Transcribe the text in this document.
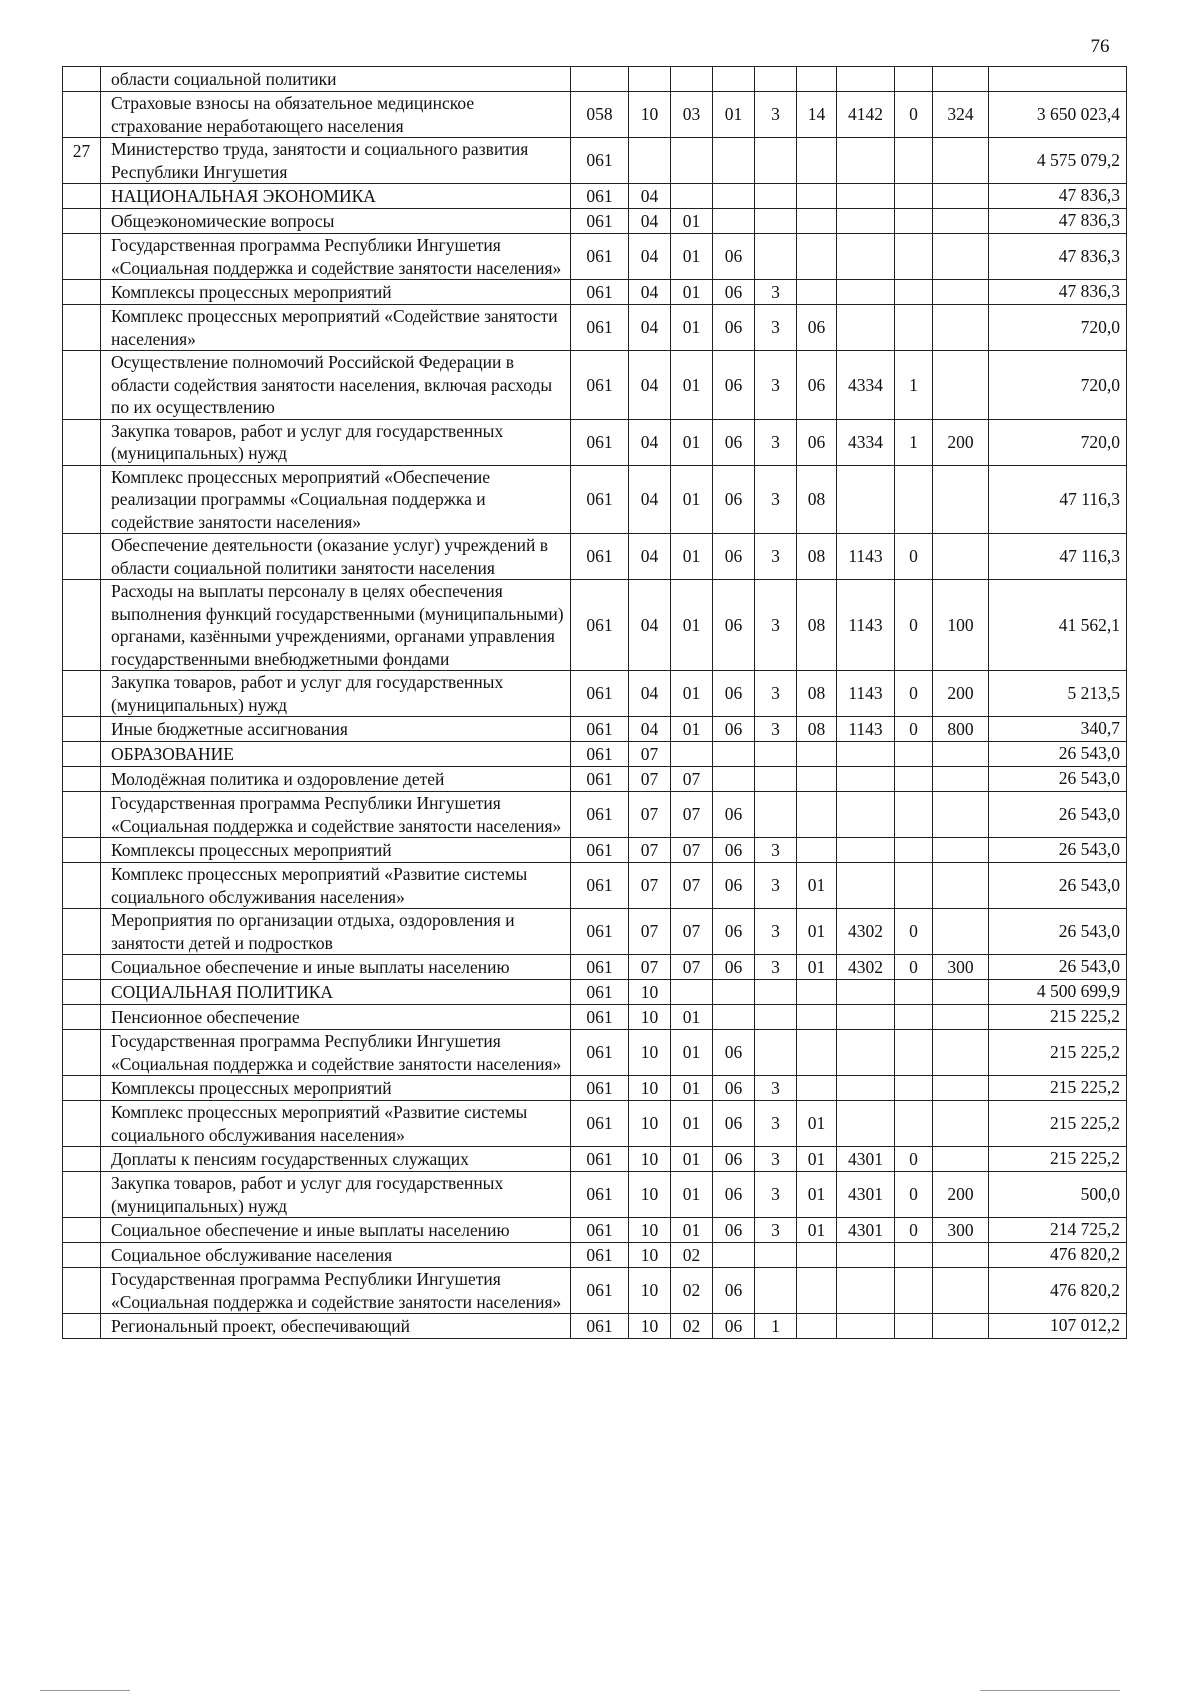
76
	области социальной политики										
	Страховые взносы на обязательное медицинское страхование неработающего населения	058	10	03	01	3	14	4142	0	324	3 650 023,4
27	Министерство труда, занятости и социального развития Республики Ингушетия	061									4 575 079,2
	НАЦИОНАЛЬНАЯ ЭКОНОМИКА	061	04								47 836,3
	Общеэкономические вопросы	061	04	01							47 836,3
	Государственная программа Республики Ингушетия «Социальная поддержка и содействие занятости населения»	061	04	01	06						47 836,3
	Комплексы процессных мероприятий	061	04	01	06	3					47 836,3
	Комплекс процессных мероприятий «Содействие занятости населения»	061	04	01	06	3	06				720,0
	Осуществление полномочий Российской Федерации в области содействия занятости населения, включая расходы по их осуществлению	061	04	01	06	3	06	4334	1		720,0
	Закупка товаров, работ и услуг для государственных (муниципальных) нужд	061	04	01	06	3	06	4334	1	200	720,0
	Комплекс процессных мероприятий «Обеспечение реализации программы «Социальная поддержка и содействие занятости населения»	061	04	01	06	3	08				47 116,3
	Обеспечение деятельности (оказание услуг) учреждений в области социальной политики занятости населения	061	04	01	06	3	08	1143	0		47 116,3
	Расходы на выплаты персоналу в целях обеспечения выполнения функций государственными (муниципальными) органами, казёнными учреждениями, органами управления государственными внебюджетными фондами	061	04	01	06	3	08	1143	0	100	41 562,1
	Закупка товаров, работ и услуг для государственных (муниципальных) нужд	061	04	01	06	3	08	1143	0	200	5 213,5
	Иные бюджетные ассигнования	061	04	01	06	3	08	1143	0	800	340,7
	ОБРАЗОВАНИЕ	061	07								26 543,0
	Молодёжная политика и оздоровление детей	061	07	07							26 543,0
	Государственная программа Республики Ингушетия «Социальная поддержка и содействие занятости населения»	061	07	07	06						26 543,0
	Комплексы процессных мероприятий	061	07	07	06	3					26 543,0
	Комплекс процессных мероприятий «Развитие системы социального обслуживания населения»	061	07	07	06	3	01				26 543,0
	Мероприятия по организации отдыха, оздоровления и занятости детей и подростков	061	07	07	06	3	01	4302	0		26 543,0
	Социальное обеспечение и иные выплаты населению	061	07	07	06	3	01	4302	0	300	26 543,0
	СОЦИАЛЬНАЯ ПОЛИТИКА	061	10								4 500 699,9
	Пенсионное обеспечение	061	10	01							215 225,2
	Государственная программа Республики Ингушетия «Социальная поддержка и содействие занятости населения»	061	10	01	06						215 225,2
	Комплексы процессных мероприятий	061	10	01	06	3					215 225,2
	Комплекс процессных мероприятий «Развитие системы социального обслуживания населения»	061	10	01	06	3	01				215 225,2
	Доплаты к пенсиям государственных служащих	061	10	01	06	3	01	4301	0		215 225,2
	Закупка товаров, работ и услуг для государственных (муниципальных) нужд	061	10	01	06	3	01	4301	0	200	500,0
	Социальное обеспечение и иные выплаты населению	061	10	01	06	3	01	4301	0	300	214 725,2
	Социальное обслуживание населения	061	10	02							476 820,2
	Государственная программа Республики Ингушетия «Социальная поддержка и содействие занятости населения»	061	10	02	06						476 820,2
	Региональный проект, обеспечивающий	061	10	02	06	1					107 012,2
